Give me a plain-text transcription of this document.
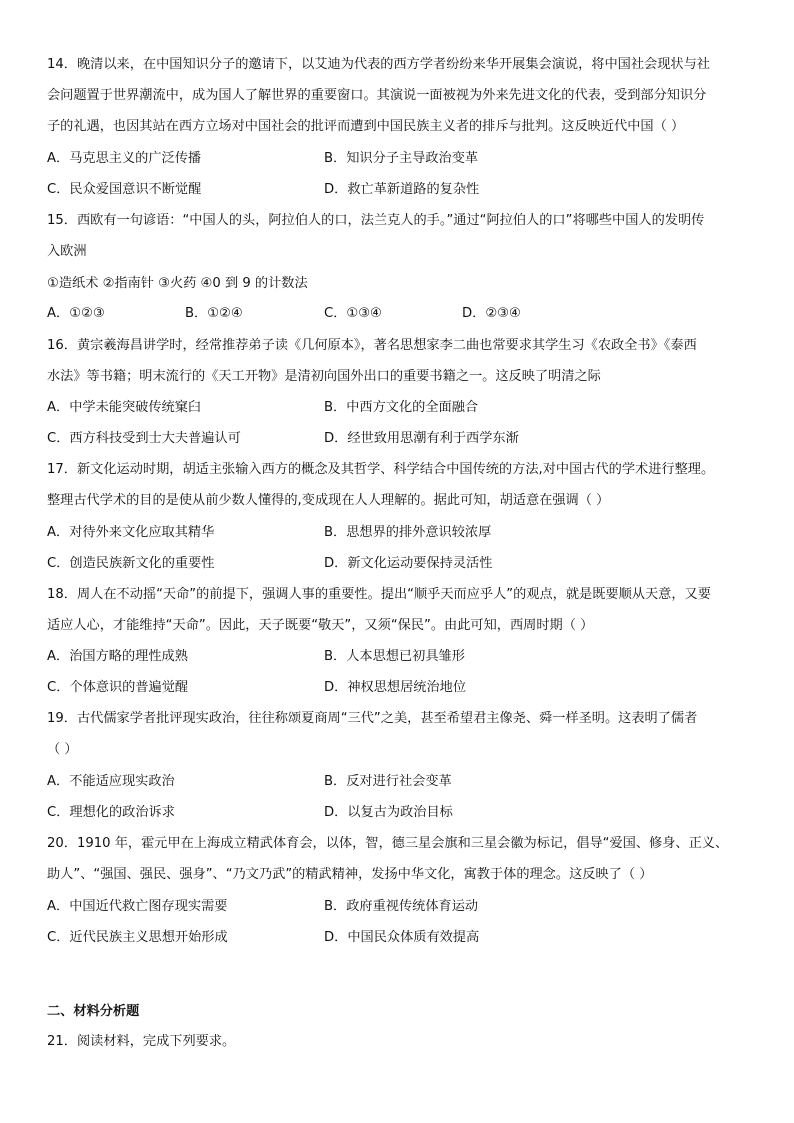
14．晚清以来，在中国知识分子的邀请下，以艾迪为代表的西方学者纷纷来华开展集会演说，将中国社会现状与社
会问题置于世界潮流中，成为国人了解世界的重要窗口。其演说一面被视为外来先进文化的代表，受到部分知识分
子的礼遇，也因其站在西方立场对中国社会的批评而遭到中国民族主义者的排斥与批判。这反映近代中国（ ）
A．马克思主义的广泛传播	B．知识分子主导政治变革
C．民众爱国意识不断觉醒	D．救亡革新道路的复杂性
15．西欧有一句谚语：“中国人的头，阿拉伯人的口，法兰克人的手。”通过“阿拉伯人的口”将哪些中国人的发明传
入欧洲
①造纸术 ②指南针 ③火药 ④0 到 9 的计数法
A．①②③	B．①②④	C．①③④	D．②③④
16．黄宗羲海昌讲学时，经常推荐弟子读《几何原本》，著名思想家李二曲也常要求其学生习《农政全书》《泰西
水法》等书籍；明末流行的《天工开物》是清初向国外出口的重要书籍之一。这反映了明清之际
A．中学未能突破传统窠臼	B．中西方文化的全面融合
C．西方科技受到士大夫普遍认可	D．经世致用思潮有利于西学东渐
17．新文化运动时期，胡适主张输入西方的概念及其哲学、科学结合中国传统的方法,对中国古代的学术进行整理。
整理古代学术的目的是使从前少数人懂得的,变成现在人人理解的。据此可知，胡适意在强调（ ）
A．对待外来文化应取其精华	B．思想界的排外意识较浓厚
C．创造民族新文化的重要性	D．新文化运动要保持灵活性
18．周人在不动摇“天命”的前提下，强调人事的重要性。提出“顺乎天而应乎人”的观点，就是既要顺从天意，又要
适应人心，才能维持“天命”。因此，天子既要“敬天”，又须“保民”。由此可知，西周时期（ ）
A．治国方略的理性成熟	B．人本思想已初具雏形
C．个体意识的普遍觉醒	D．神权思想居统治地位
19．古代儒家学者批评现实政治，往往称颂夏商周“三代”之美，甚至希望君主像尧、舜一样圣明。这表明了儒者
（ ）
A．不能适应现实政治	B．反对进行社会变革
C．理想化的政治诉求	D．以复古为政治目标
20．1910 年，霍元甲在上海成立精武体育会，以体，智，德三星会旗和三星会徽为标记，倡导“爱国、修身、正义、
助人”、“强国、强民、强身”、“乃文乃武”的精武精神，发扬中华文化，寓教于体的理念。这反映了（ ）
A．中国近代救亡图存现实需要	B．政府重视传统体育运动
C．近代民族主义思想开始形成	D．中国民众体质有效提高
二、材料分析题
21．阅读材料，完成下列要求。
